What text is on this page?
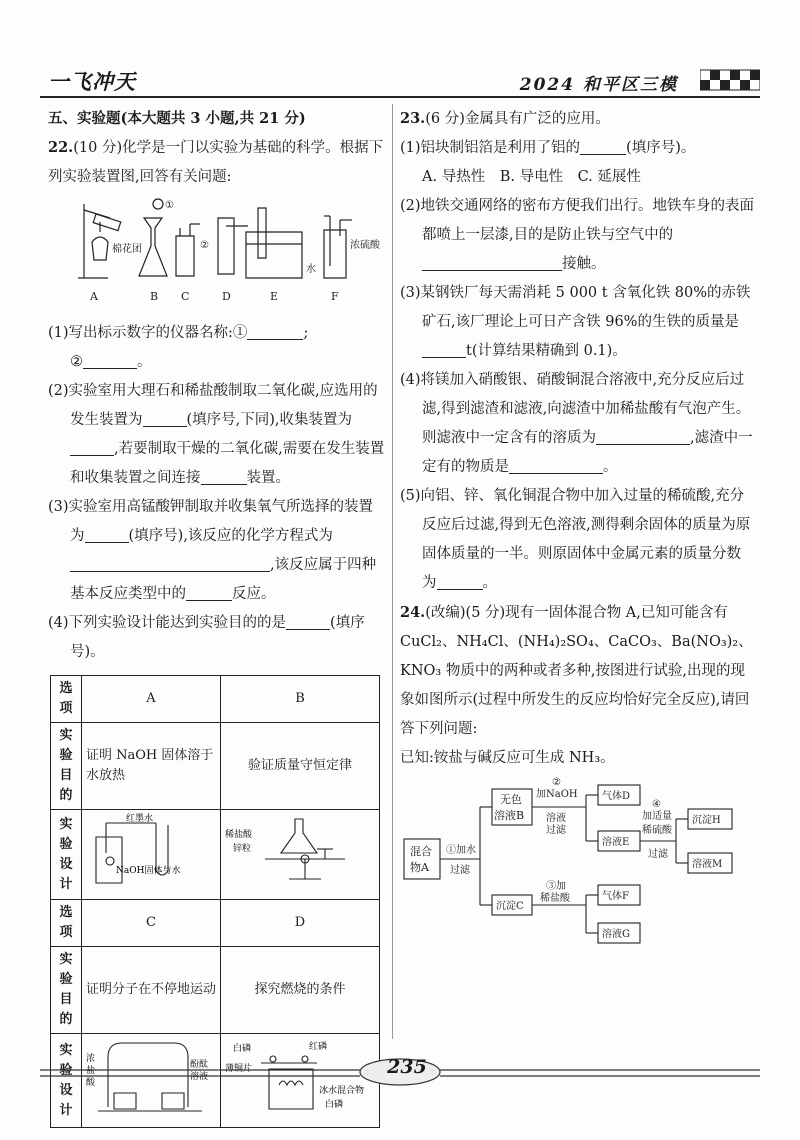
一飞冲天	2024 和平区三模
五、实验题(本大题共 3 小题,共 21 分)
22.(10 分)化学是一门以实验为基础的科学。根据下列实验装置图,回答有关问题:
A	B C	D	E	F
棉花团
水
浓硫酸
①
②
(1)写出标示数字的仪器名称:①	;
②	。
(2)实验室用大理石和稀盐酸制取二氧化碳,应选用的发生装置为	(填序号,下同),收集装置为,若要制取干燥的二氧化碳,需要在发生装置和收集装置之间连接	装置。
(3)实验室用高锰酸钾制取并收集氧气所选择的装置为	(填序号),该反应的化学方程式为,该反应属于四种基本反应类型中的	反应。
(4)下列实验设计能达到实验目的的是	(填序号)。
选项	A	B
实验目的	证明 NaOH 固体溶于水放热	验证质量守恒定律
实验设计	红墨水
NaOH固体与水	稀盐酸
锌粒

选项	C	D
实验目的	证明分子在不停地运动	探究燃烧的条件
实验设计	浓
盐
酸
酚酞
溶液	白磷 红磷
薄铜片
冰水混合物
白磷
23.(6 分)金属具有广泛的应用。
(1)铝块制铝箔是利用了铝的	(填序号)。
A. 导热性　B. 导电性　C. 延展性
(2)地铁交通网络的密布方便我们出行。地铁车身的表面都喷上一层漆,目的是防止铁与空气中的接触。
(3)某钢铁厂每天需消耗 5 000 t 含氧化铁 80%的赤铁矿石,该厂理论上可日产含铁 96%的生铁的质量是t(计算结果精确到 0.1)。
(4)将镁加入硝酸银、硝酸铜混合溶液中,充分反应后过滤,得到滤渣和滤液,向滤渣中加稀盐酸有气泡产生。则滤液中一定含有的溶质为	,滤渣中一定有的物质是	。
(5)向铝、锌、氧化铜混合物中加入过量的稀硫酸,充分反应后过滤,得到无色溶液,测得剩余固体的质量为原固体质量的一半。则原固体中金属元素的质量分数为	。
24.(改编)(5 分)现有一固体混合物 A,已知可能含有 CuCl₂、NH₄Cl、(NH₄)₂SO₄、CaCO₃、Ba(NO₃)₂、KNO₃ 物质中的两种或者多种,按图进行试验,出现的现象如图所示(过程中所发生的反应均恰好完全反应),请回答下列问题:
已知:铵盐与碱反应可生成 NH₃。
混合
物A
①加水
过滤
无色
溶液B
②
加NaOH
溶液
过滤
气体D
溶液E
④
加适量
稀硫酸
过滤
沉淀H
溶液M
沉淀C
③加
稀盐酸	气体F
溶液G
235
